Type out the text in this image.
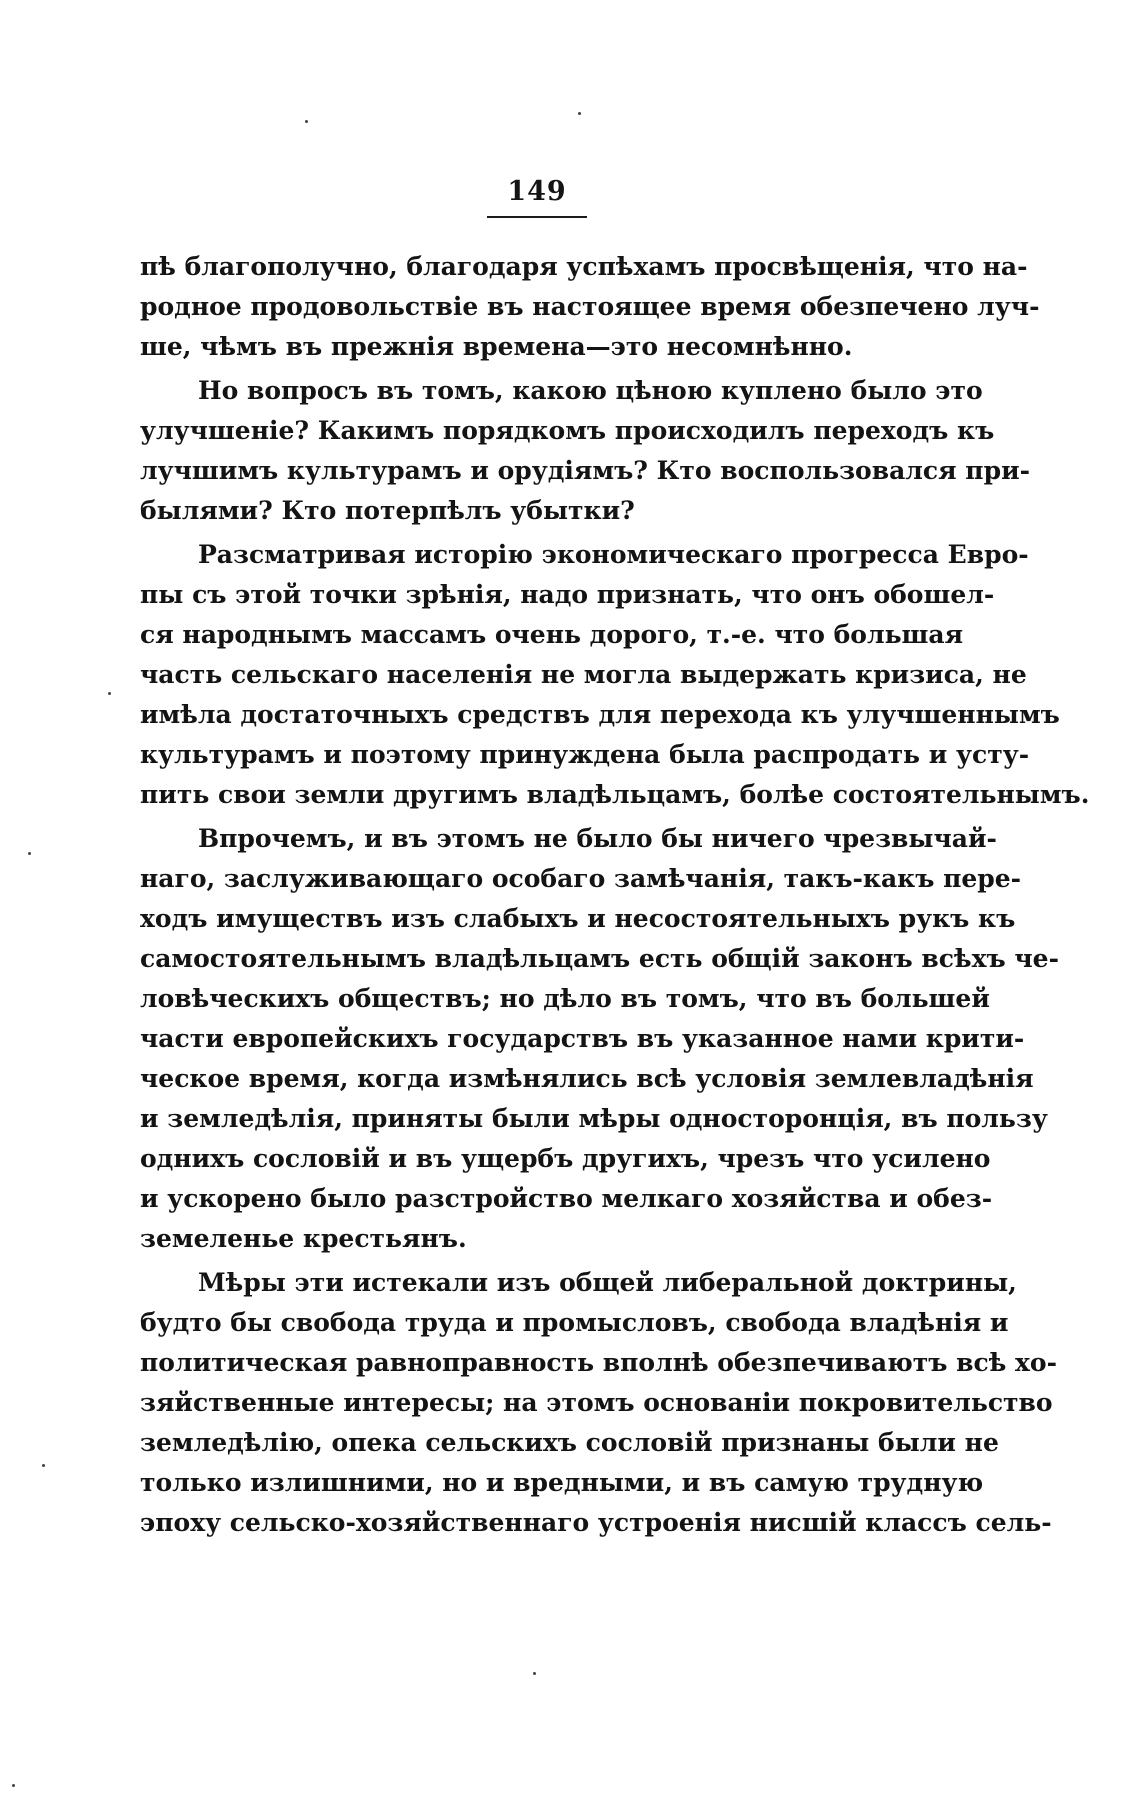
149
пѣ благополучно, благодаря успѣхамъ просвѣщенія, что на-
родное продовольствіе въ настоящее время обезпечено луч-
ше, чѣмъ въ прежнія времена—это несомнѣнно.
Но вопросъ въ томъ, какою цѣною куплено было это
улучшеніе? Какимъ порядкомъ происходилъ переходъ къ
лучшимъ культурамъ и орудіямъ? Кто воспользовался при-
былями? Кто потерпѣлъ убытки?
Разсматривая исторію экономическаго прогресса Евро-
пы съ этой точки зрѣнія, надо признать, что онъ обошел-
ся народнымъ массамъ очень дорого, т.-е. что большая
часть сельскаго населенія не могла выдержать кризиса, не
имѣла достаточныхъ средствъ для перехода къ улучшеннымъ
культурамъ и поэтому принуждена была распродать и усту-
пить свои земли другимъ владѣльцамъ, болѣе состоятельнымъ.
Впрочемъ, и въ этомъ не было бы ничего чрезвычай-
наго, заслуживающаго особаго замѣчанія, такъ-какъ пере-
ходъ имуществъ изъ слабыхъ и несостоятельныхъ рукъ къ
самостоятельнымъ владѣльцамъ есть общій законъ всѣхъ че-
ловѣческихъ обществъ; но дѣло въ томъ, что въ большей
части европейскихъ государствъ въ указанное нами крити-
ческое время, когда измѣнялись всѣ условія землевладѣнія
и земледѣлія, приняты были мѣры односторонція, въ пользу
однихъ сословій и въ ущербъ другихъ, чрезъ что усилено
и ускорено было разстройство мелкаго хозяйства и обез-
земеленье крестьянъ.
Мѣры эти истекали изъ общей либеральной доктрины,
будто бы свобода труда и промысловъ, свобода владѣнія и
политическая равноправность вполнѣ обезпечиваютъ всѣ хо-
зяйственные интересы; на этомъ основаніи покровительство
земледѣлію, опека сельскихъ сословій признаны были не
только излишними, но и вредными, и въ самую трудную
эпоху сельско-хозяйственнаго устроенія нисшій классъ сель-
